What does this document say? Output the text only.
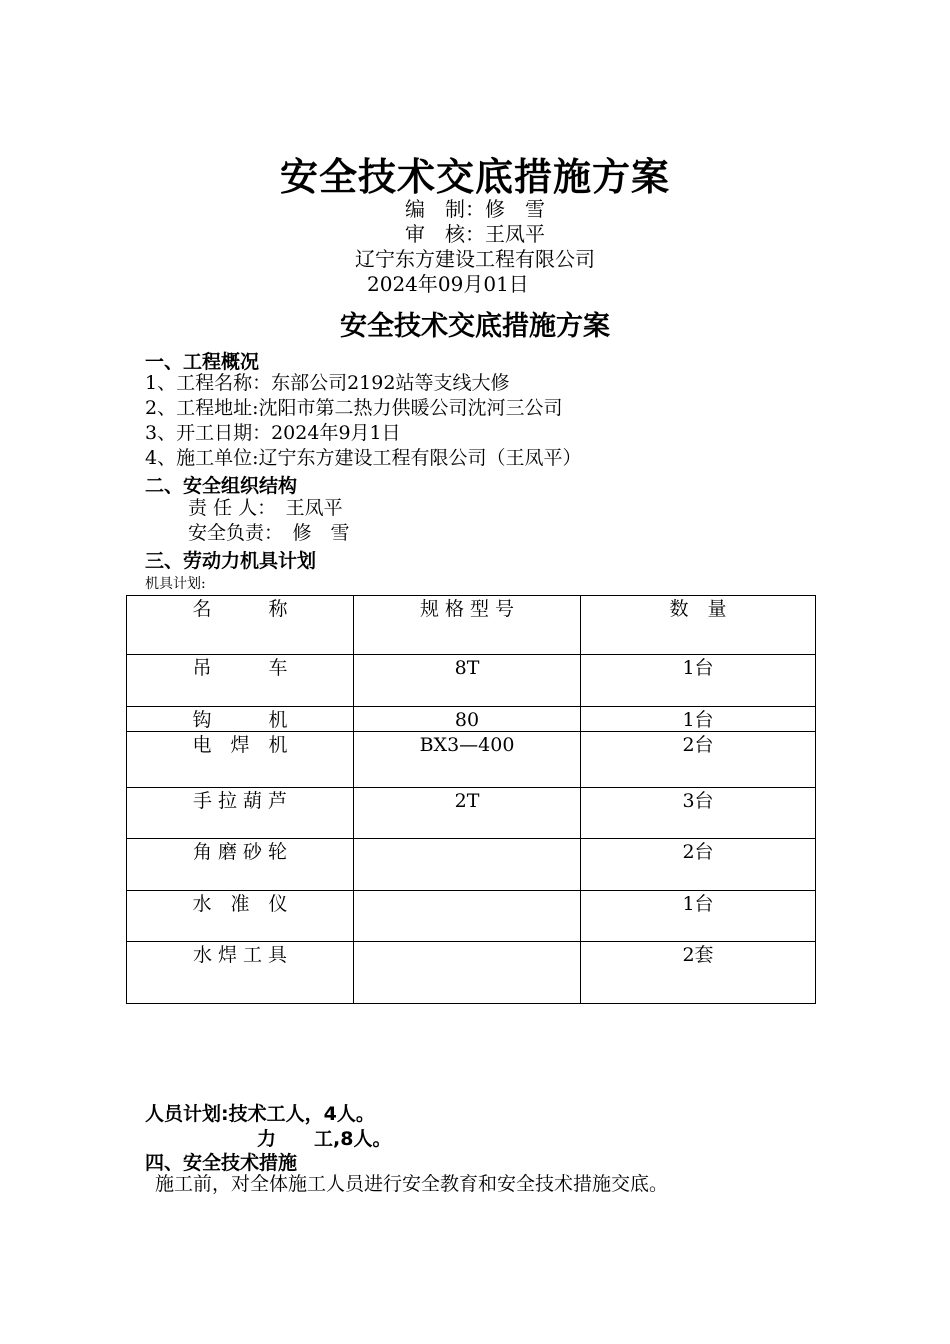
安全技术交底措施方案
编　制：修　雪
审　核：王凤平
辽宁东方建设工程有限公司
2024年09月01日
安全技术交底措施方案
一、工程概况
1、工程名称：东部公司2192站等支线大修
2、工程地址:沈阳市第二热力供暖公司沈河三公司
3、开工日期：2024年9月1日
4、施工单位:辽宁东方建设工程有限公司（王凤平）
二、安全组织结构
责 任 人：　王凤平
安全负责：　修　雪
三、劳动力机具计划
机具计划:
名　　　称	规 格 型 号	数　量
吊　　　车	8T	1台
钩　　　机	80	1台
电　焊　机	BX3—400	2台
手 拉 葫 芦	2T	3台
角 磨 砂 轮		2台
水　准　仪		1台
水 焊 工 具		2套
人员计划:技术工人，4人。
力　　工,8人。
四、安全技术措施
施工前，对全体施工人员进行安全教育和安全技术措施交底。
